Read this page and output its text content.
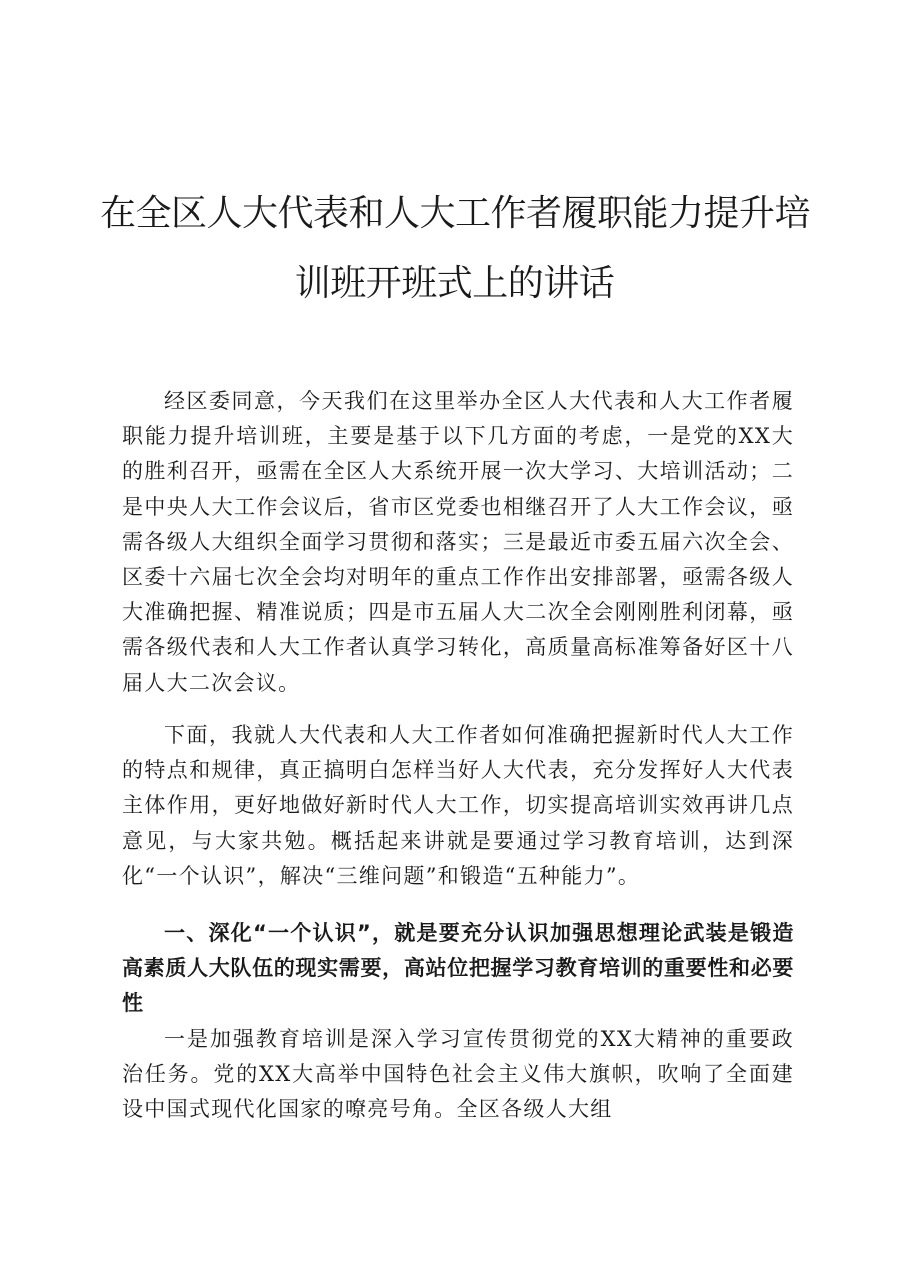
在全区人大代表和人大工作者履职能力提升培
训班开班式上的讲话

经区委同意，今天我们在这里举办全区人大代表和人大工作者履职能力提升培训班，主要是基于以下几方面的考虑，一是党的XX大的胜利召开，亟需在全区人大系统开展一次大学习、大培训活动；二是中央人大工作会议后，省市区党委也相继召开了人大工作会议，亟需各级人大组织全面学习贯彻和落实；三是最近市委五届六次全会、区委十六届七次全会均对明年的重点工作作出安排部署，亟需各级人大准确把握、精准说质；四是市五届人大二次全会刚刚胜利闭幕，亟需各级代表和人大工作者认真学习转化，高质量高标准筹备好区十八届人大二次会议。

下面，我就人大代表和人大工作者如何准确把握新时代人大工作的特点和规律，真正搞明白怎样当好人大代表，充分发挥好人大代表主体作用，更好地做好新时代人大工作，切实提高培训实效再讲几点意见，与大家共勉。概括起来讲就是要通过学习教育培训，达到深化“一个认识”，解决“三维问题”和锻造“五种能力”。

一、深化“一个认识”，就是要充分认识加强思想理论武装是锻造高素质人大队伍的现实需要，高站位把握学习教育培训的重要性和必要性

一是加强教育培训是深入学习宣传贯彻党的XX大精神的重要政治任务。党的XX大高举中国特色社会主义伟大旗帜，吹响了全面建设中国式现代化国家的嘹亮号角。全区各级人大组
